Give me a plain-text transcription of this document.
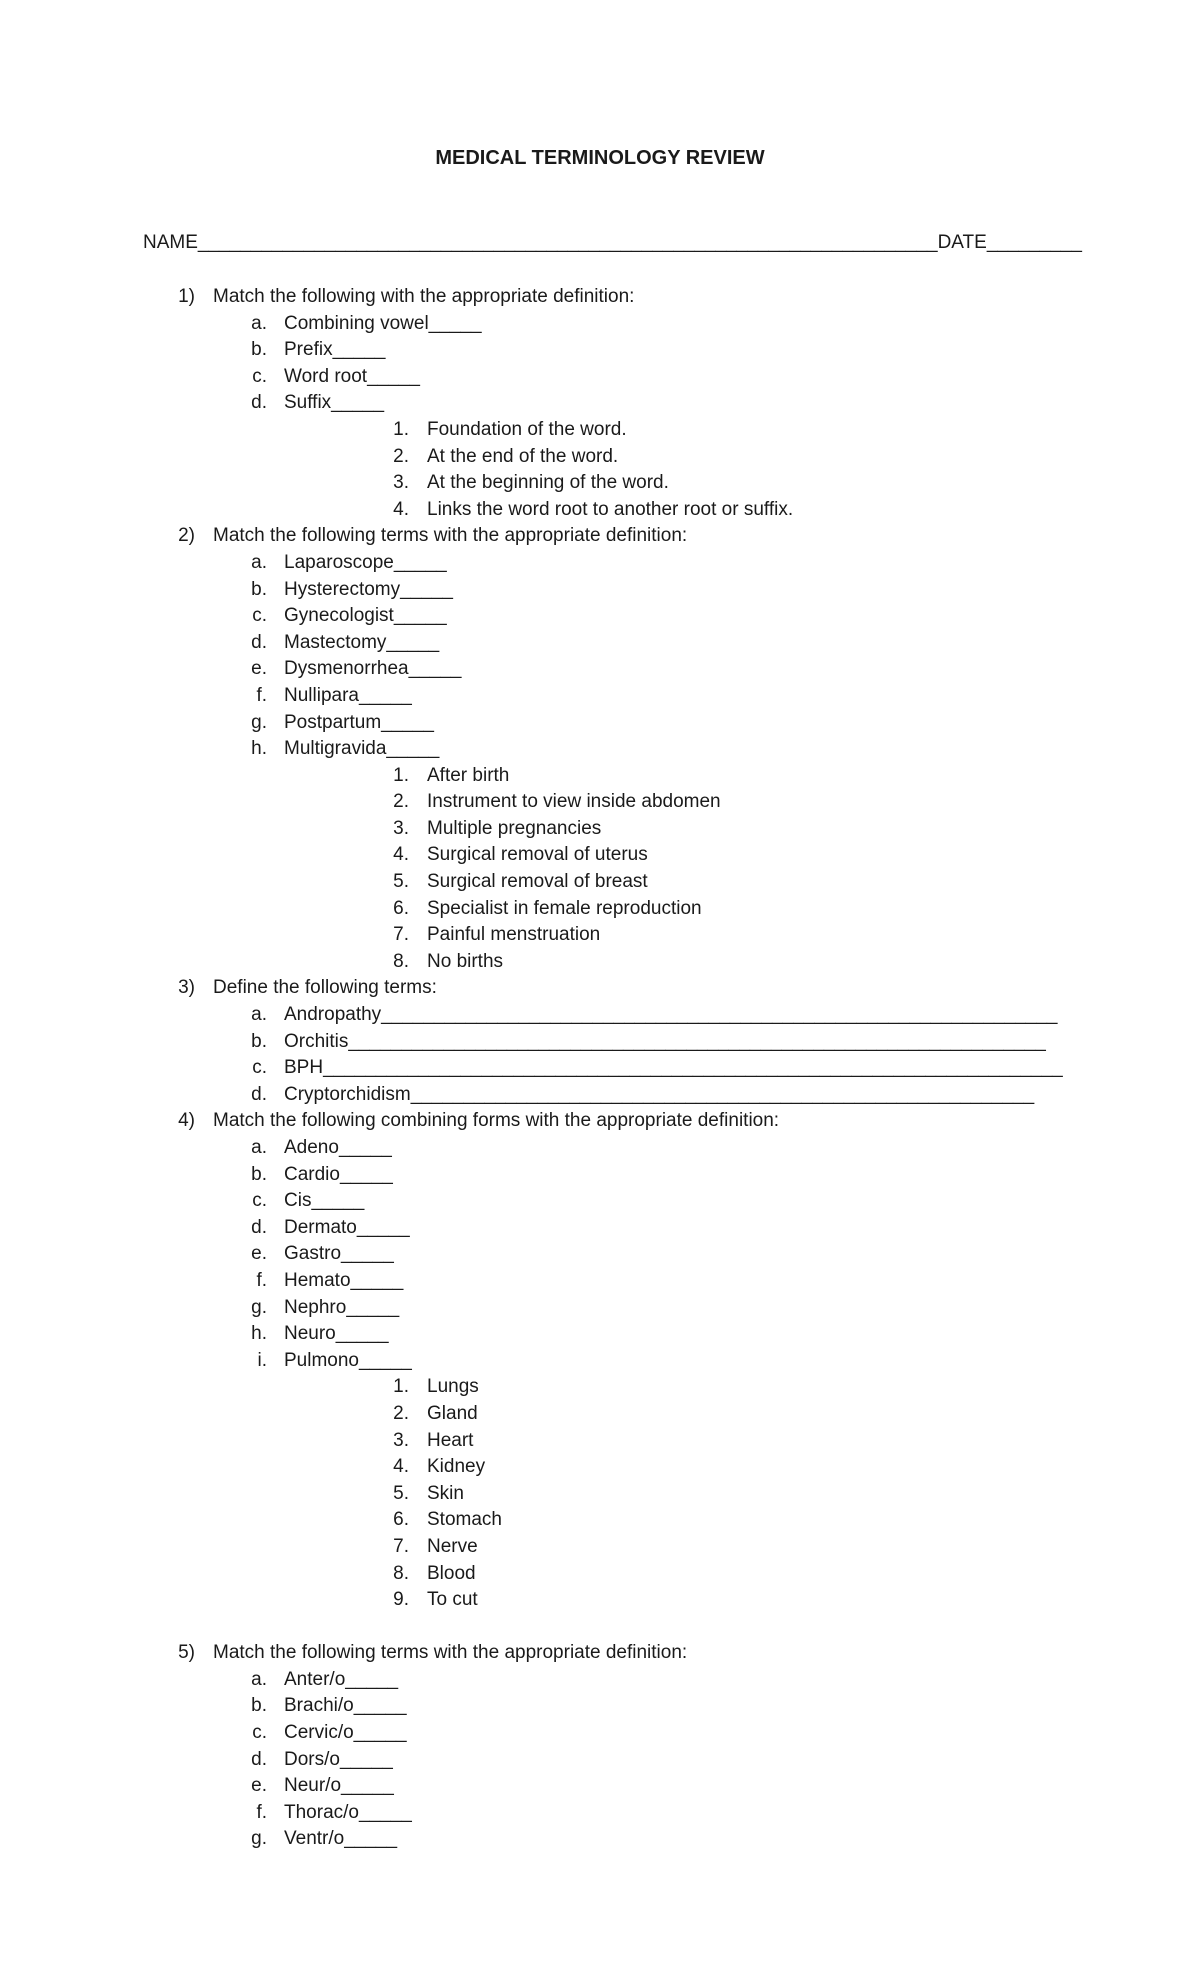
MEDICAL TERMINOLOGY REVIEW
NAME______________________________________________________________________DATE_________
1) Match the following with the appropriate definition:
a. Combining vowel_____
b. Prefix_____
c. Word root_____
d. Suffix_____
1. Foundation of the word.
2. At the end of the word.
3. At the beginning of the word.
4. Links the word root to another root or suffix.
2) Match the following terms with the appropriate definition:
a. Laparoscope_____
b. Hysterectomy_____
c. Gynecologist_____
d. Mastectomy_____
e. Dysmenorrhea_____
f. Nullipara_____
g. Postpartum_____
h. Multigravida_____
1. After birth
2. Instrument to view inside abdomen
3. Multiple pregnancies
4. Surgical removal of uterus
5. Surgical removal of breast
6. Specialist in female reproduction
7. Painful menstruation
8. No births
3) Define the following terms:
a. Andropathy________________________________________________________________
b. Orchitis__________________________________________________________________
c. BPH______________________________________________________________________
d. Cryptorchidism___________________________________________________________
4) Match the following combining forms with the appropriate definition:
a. Adeno_____
b. Cardio_____
c. Cis_____
d. Dermato_____
e. Gastro_____
f. Hemato_____
g. Nephro_____
h. Neuro_____
i. Pulmono_____
1. Lungs
2. Gland
3. Heart
4. Kidney
5. Skin
6. Stomach
7. Nerve
8. Blood
9. To cut
5) Match the following terms with the appropriate definition:
a. Anter/o_____
b. Brachi/o_____
c. Cervic/o_____
d. Dors/o_____
e. Neur/o_____
f. Thorac/o_____
g. Ventr/o_____
